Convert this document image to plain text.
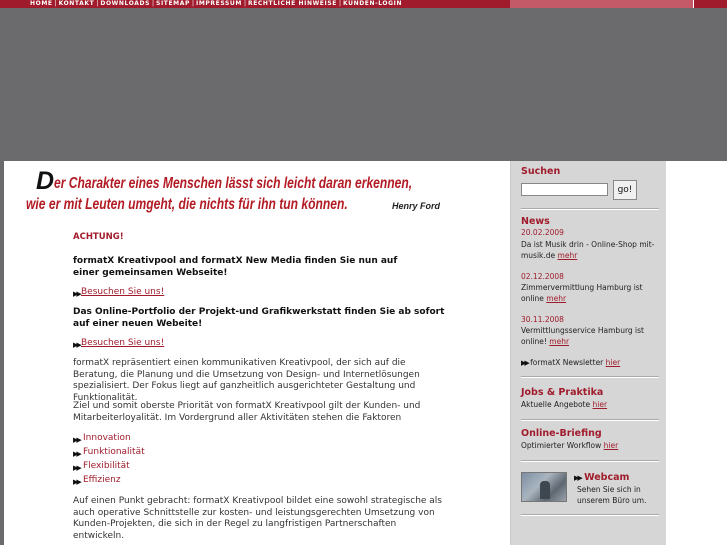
HOME | KONTAKT | DOWNLOADS | SITEMAP | IMPRESSUM | RECHTLICHE HINWEISE | KUNDEN-LOGIN
D er Charakter eines Menschen lässt sich leicht daran erkennen,
wie er mit Leuten umgeht, die nichts für ihn tun können.	Henry Ford
ACHTUNG!
formatX Kreativpool and formatX New Media finden Sie nun auf einer gemeinsamen Webseite!
▶▶ Besuchen Sie uns!
Das Online-Portfolio der Projekt-und Grafikwerkstatt finden Sie ab sofort auf einer neuen Webeite!
▶▶ Besuchen Sie uns!
formatX repräsentiert einen kommunikativen Kreativpool, der sich auf die Beratung, die Planung und die Umsetzung von Design- und Internetlösungen spezialisiert. Der Fokus liegt auf ganzheitlich ausgerichteter Gestaltung und Funktionalität.
Ziel und somit oberste Priorität von formatX Kreativpool gilt der Kunden- und Mitarbeiterloyalität. Im Vordergrund aller Aktivitäten stehen die Faktoren
▶▶ Innovation
▶▶ Funktionalität
▶▶ Flexibilität
▶▶ Effizienz
Auf einen Punkt gebracht: formatX Kreativpool bildet eine sowohl strategische als auch operative Schnittstelle zur kosten- und leistungsgerechten Umsetzung von Kunden-Projekten, die sich in der Regel zu langfristigen Partnerschaften entwickeln.
Suchen
go!
News
20.02.2009
Da ist Musik drin - Online-Shop mit-musik.de mehr
02.12.2008
Zimmervermittlung Hamburg ist online mehr
30.11.2008
Vermittlungsservice Hamburg ist online! mehr
▶▶ formatX Newsletter hier
Jobs & Praktika
Aktuelle Angebote hier
Online-Briefing
Optimierter Workflow hier
▶▶ Webcam
Sehen Sie sich in unserem Büro um.
